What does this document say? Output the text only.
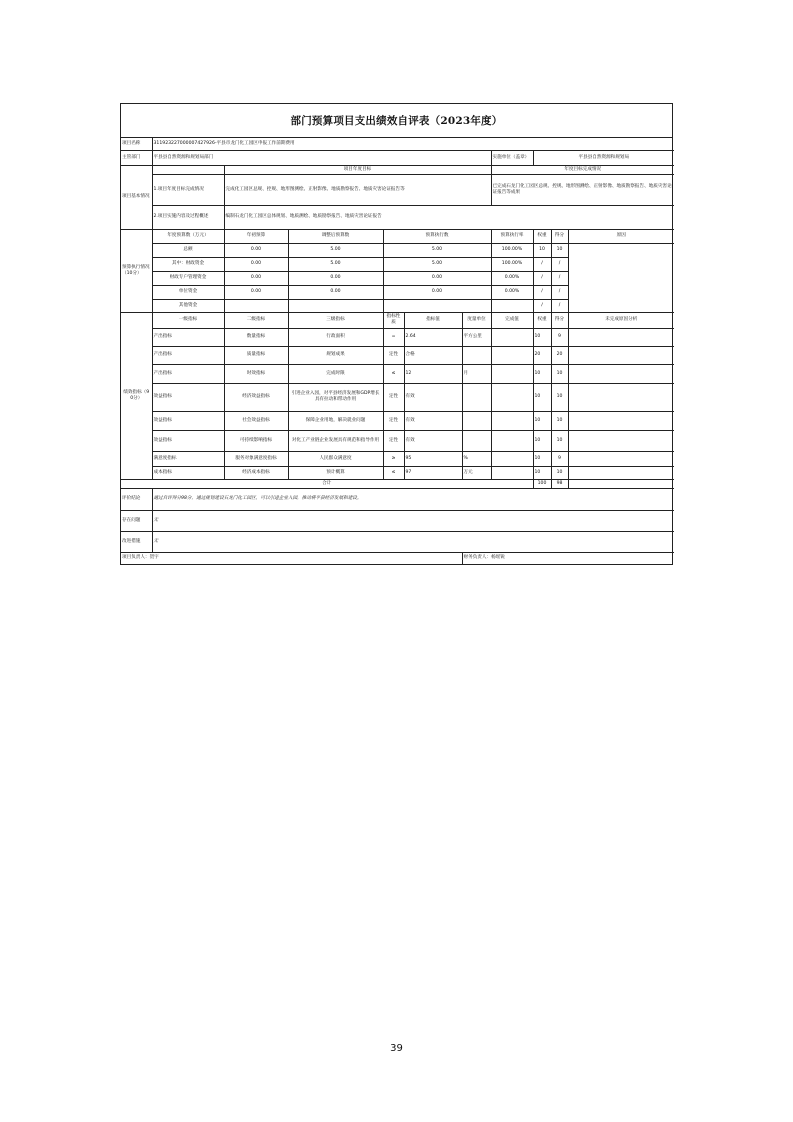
部门预算项目支出绩效自评表（2023年度）
项目名称	311923227000007427926-平县市龙门化工园区申报工作前期费用									
主管部门	平县县自然资源和规划局部门						实施单位（盖章）	平县县自然资源和规划局		
项目基本情况		项目年度目标					年度目标完成情况			
	1.项目年度目标完成情况	完成化工园区总规、控规、地形图测绘、正射影像、地质勘察报告、地质灾害论证报告等					已完成石龙门化工园区总规、控规、地形图测绘、正射影像、地质勘察报告、地质灾害论证报告等成果			
	2.项目实施内容及过程概述	编制石龙门化工园区总体规划、地质测绘、地质勘察报告、地质灾害论证报告								
预算执行情况（10分）	年度预算数（万元）	年初预算	调整后预算数	预算执行数			预算执行率	权重	得分	原因
	总额	0.00	5.00	5.00			100.00%	10	10	
	其中：财政资金	0.00	5.00	5.00			100.00%	/	/	
	财政专户管理资金	0.00	0.00	0.00			0.00%	/	/	
	单位资金	0.00	0.00	0.00			0.00%	/	/	
	其他资金							/	/	
绩效指标（90分）	一级指标	二级指标	三级指标	指标性质	指标值	度量单位	完成值	权重	得分	未完成原因分析
	产出指标	数量指标	行政面积	=	2.64	平方公里		10	9	
	产出指标	质量指标	规划成果	定性	合格			20	20	
	产出指标	时效指标	完成时限	≤	12	月		10	10	
	效益指标	经济效益指标	引进企业入园，对平县经济发展和GDP增长具有拉动和带动作用	定性	有效			10	10	
	效益指标	社会效益指标	保障企业用地，解决就业问题	定性	有效			10	10	
	效益指标	可持续影响指标	对化工产业链企业发展具有规范和指导作用	定性	有效			10	10	
	满意度指标	服务对象满意度指标	人民群众满意度	≥	95	%		10	9	
	成本指标	经济成本指标	预计概算	≤	97	万元		10	10	
合计								100	98	
评价结论	通过自评得分98分，通过规划建设石龙门化工园区，可以引进企业入园，推动将平县经济发展和建设。									
存在问题	无									
改进措施	无									
项目负责人：贺宇						财务负责人：杨瑶锐				
39
